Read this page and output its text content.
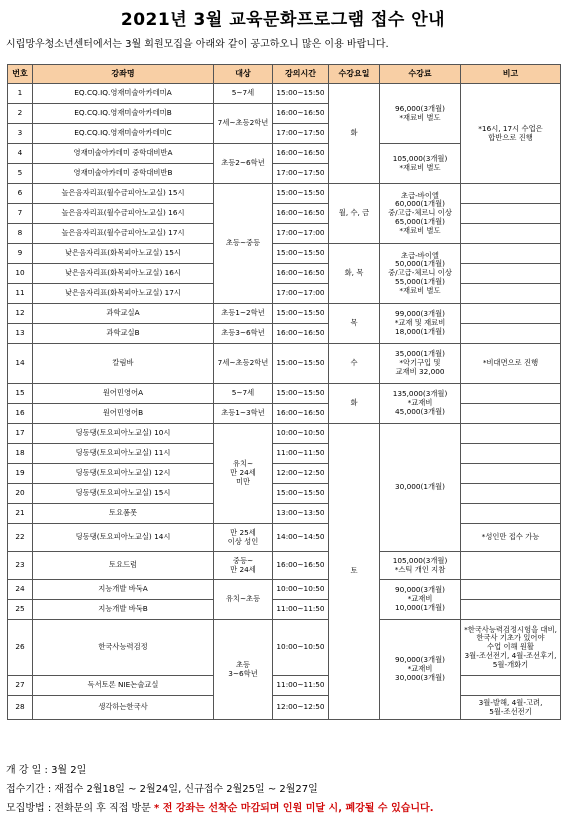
2021년 3월 교육문화프로그램 접수 안내
시립망우청소년센터에서는 3월 회원모집을 아래와 같이 공고하오니 많은 이용 바랍니다.
번호	강좌명	대상	강의시간	수강요일	수강료	비고
1	EQ.CQ.IQ.영재미술아카데미A	5~7세	15:00~15:50	화	96,000(3개월)
*재료비 별도	*16시, 17시 수업은
합반으로 진행
2	EQ.CQ.IQ.영재미술아카데미B	7세~초등2학년	16:00~16:50			
3	EQ.CQ.IQ.영재미술아카데미C		17:00~17:50			
4	영재미술아카데미 중학대비반A	초등2~6학년	16:00~16:50		105,000(3개월)
*재료비 별도	
5	영재미술아카데미 중학대비반B		17:00~17:50			
6	높은음자리표(월수금피아노교실) 15시	초등~중등	15:00~15:50	월, 수, 금	초급-바이엘
60,000(1개월)
중/고급-체르니 이상
65,000(1개월)
*재료비 별도	
7	높은음자리표(월수금피아노교실) 16시		16:00~16:50			
8	높은음자리표(월수금피아노교실) 17시		17:00~17:00			
9	낮은음자리표(화목피아노교실) 15시		15:00~15:50	화, 목	초급-바이엘
50,000(1개월)
중/고급-체르니 이상
55,000(1개월)
*재료비 별도	
10	낮은음자리표(화목피아노교실) 16시		16:00~16:50			
11	낮은음자리표(화목피아노교실) 17시		17:00~17:00			
12	과학교실A	초등1~2학년	15:00~15:50	목	99,000(3개월)
*교재 및 재료비
18,000(1개월)	
13	과학교실B	초등3~6학년	16:00~16:50			
14	칼림바	7세~초등2학년	15:00~15:50	수	35,000(1개월)
*악기구입 및
교재비 32,000	*비대면으로 진행
15	원어민영어A	5~7세	15:00~15:50	화	135,000(3개월)
*교재비
45,000(3개월)	
16	원어민영어B	초등1~3학년	16:00~16:50			
17	딩동댕(토요피아노교실) 10시	유치~
만 24세
미만	10:00~10:50	토	30,000(1개월)	
18	딩동댕(토요피아노교실) 11시		11:00~11:50			
19	딩동댕(토요피아노교실) 12시		12:00~12:50			
20	딩동댕(토요피아노교실) 15시		15:00~15:50			
21	토요폼폿		13:00~13:50			
22	딩동댕(토요피아노교실) 14시	만 25세
이상 성인	14:00~14:50			*성인만 접수 가능
23	토요드럼	중등~
만 24세	16:00~16:50		105,000(3개월)
*스틱 개인 지참	
24	지능개발 바둑A	유치~초등	10:00~10:50		90,000(3개월)
*교재비
10,000(1개월)	
25	지능개발 바둑B		11:00~11:50			
26	한국사능력검정	초등
3~6학년	10:00~10:50		90,000(3개월)
*교재비
30,000(3개월)	*한국사능력검정시험을 대비,
한국사 기초가 있어야
수업 이해 원활
3월-조선전기, 4월-조선후기,
5월-개화기
27	독서토론 NIE논술교실		11:00~11:50			
28	생각하는한국사		12:00~12:50			3월-발해, 4월-고려,
5월-조선전기
개 강 일 : 3월 2일
접수기간 : 재접수 2월18일 ~ 2월24일, 신규접수 2월25일 ~ 2월27일
모집방법 : 전화문의 후 직접 방문 * 전 강좌는 선착순 마감되며 인원 미달 시, 폐강될 수 있습니다.
